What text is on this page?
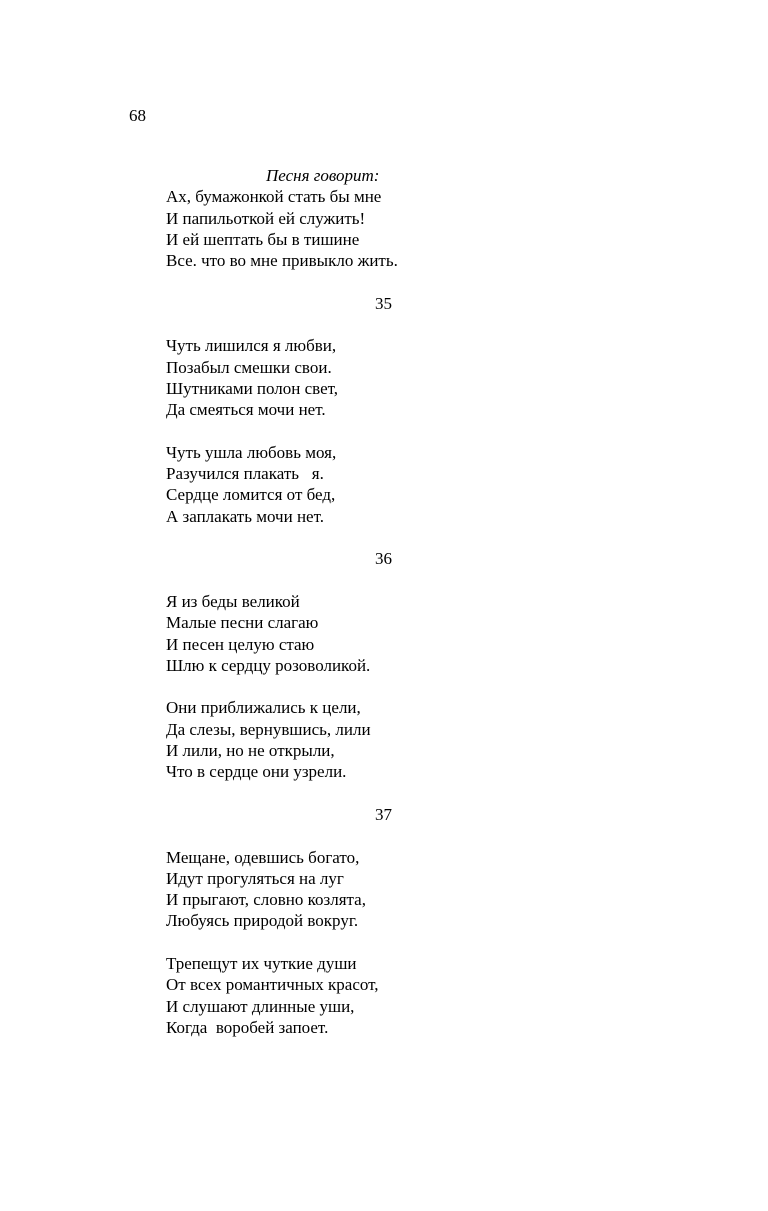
68
Песня говорит:
Ах, бумажонкой стать бы мне
И папильоткой ей служить!
И ей шептать бы в тишине
Все. что во мне привыкло жить.
35
Чуть лишился я любви,
Позабыл смешки свои.
Шутниками полон свет,
Да смеяться мочи нет.
Чуть ушла любовь моя,
Разучился плакать   я.
Сердце ломится от бед,
А заплакать мочи нет.
36
Я из беды великой
Малые песни слагаю
И песен целую стаю
Шлю к сердцу розоволикой.
Они приближались к цели,
Да слезы, вернувшись, лили
И лили, но не открыли,
Что в сердце они узрели.
37
Мещане, одевшись богато,
Идут прогуляться на луг
И прыгают, словно козлята,
Любуясь природой вокруг.
Трепещут их чуткие души
От всех романтичных красот,
И слушают длинные уши,
Когда  воробей запоет.
